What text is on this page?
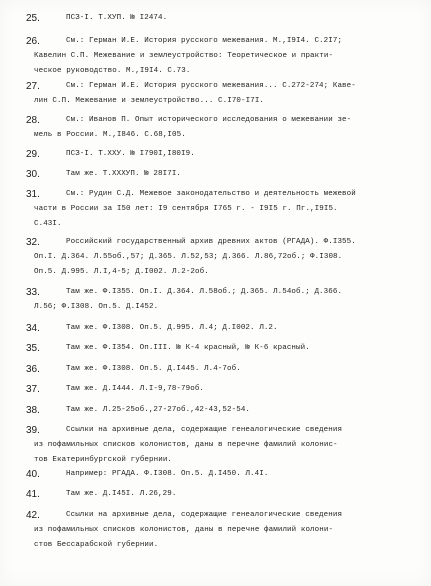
25.	ПСЗ-I. Т.ХУП. № I2474.
26.	См.: Герман И.Е. История русского межевания. М.,I9I4. С.2I7;
Кавелин С.П. Межевание и землеустройство: Теоретическое и практи-
ческое руководство. М.,I9I4. С.73.
27.	См.: Герман И.Е. История русского межевания... С.272-274; Каве-
лин С.П. Межевание и землеустройство... С.I70-I7I.
28.	См.: Иванов П. Опыт исторического исследования о межевании зе-
мель в России. М.,I846. С.68,I05.
29.	ПСЗ-I. Т.ХХУ. № I790I,I80I9.
30.	Там же. Т.ХХХУП. № 28I7I.
31.	См.: Рудин С.Д. Межевое законодательство и деятельность межевой
части в России за I50 лет: I9 сентября I765 г. - I9I5 г. Пг.,I9I5.
С.43I.
32.	Российский государственный архив древних актов (РГАДА). Ф.I355.
Оп.I. Д.364. Л.55об.,57; Д.365. Л.52,53; Д.366. Л.86,72об.; Ф.I308.
Оп.5. Д.995. Л.I,4-5; Д.I002. Л.2-2об.
33.	Там же. Ф.I355. Оп.I. Д.364. Л.58об.; Д.365. Л.54об.; Д.366.
Л.56; Ф.I308. Оп.5. Д.I452.
34.	Там же. Ф.I308. Оп.5. Д.995. Л.4; Д.I002. Л.2.
35.	Там же. Ф.I354. Оп.III. № К-4 красный, № К-6 красный.
36.	Там же. Ф.I308. Оп.5. Д.I445. Л.4-7об.
37.	Там же. Д.I444. Л.I-9,78-79об.
38.	Там же. Л.25-25об.,27-27об.,42-43,52-54.
39.	Ссылки на архивные дела, содержащие генеалогические сведения
из пофамильных списков колонистов, даны в перечне фамилий колонис-
тов Екатеринбургской губернии.
40.	Например: РГАДА. Ф.I308. Оп.5. Д.I450. Л.4I.
41.	Там же. Д.I45I. Л.26,29.
42.	Ссылки на архивные дела, содержащие генеалогические сведения
из пофамильных списков колонистов, даны в перечне фамилий колони-
стов Бессарабской губернии.
